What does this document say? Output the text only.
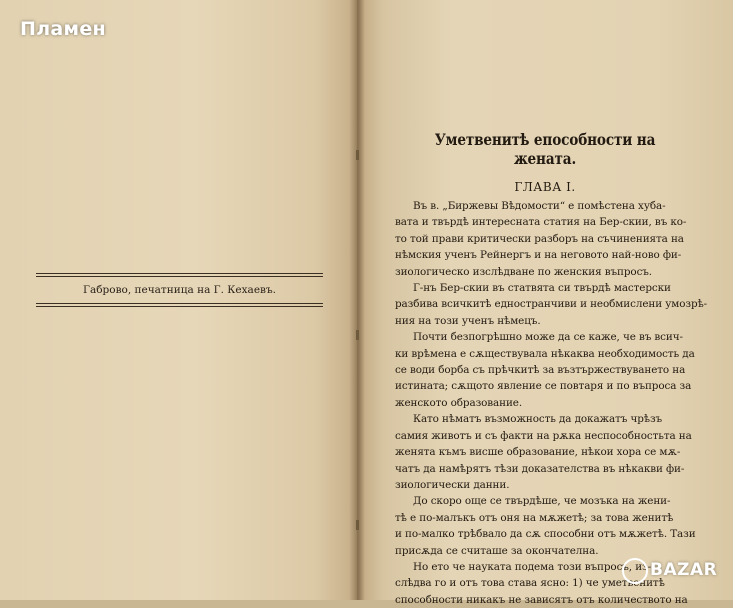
Габрово, печатница на Г. Кехаевъ.
Пламен
Уметвенитѣ епособности на жената.
ГЛАВА І.
Въ в. „Биржевы Вѣдомости“ е помѣстена хуба-
вата и твърдѣ интересната статия на Бер-скии, въ ко-
то той прави критически разборъ на съчиненията на
нѣмския ученъ Рейнергъ и на неговото най-ново фи-
зиологическо изслѣдване по женския въпросъ.
Г-нъ Бер-скии въ статвята си твърдѣ мастерски
разбива всичкитѣ едностранчиви и необмислени умозрѣ-
ния на този ученъ нѣмецъ.
Почти безпогрѣшно може да се каже, че въ всич-
ки врѣмена е сѫществувала нѣкаква необходимость да
се води борба съ прѣчкитѣ за възтържествуването на
истината; сѫщото явление се повтаря и по въпроса за
женското образование.
Като нѣматъ възможность да докажатъ чрѣзъ
самия животъ и съ факти на рѫка неспособностьта на
женята къмъ висше образование, нѣкои хора се мѫ-
чатъ да намѣрятъ тѣзи доказателства въ нѣкакви фи-
зиологически данни.
До скоро още се твърдѣше, че мозъка на жени-
тѣ е по-малъкъ отъ оня на мѫжетѣ; за това женитѣ
и по-малко трѣбвало да сѫ способни отъ мѫжетѣ. Тази
присѫда се считаше за окончателна.
Но ето че науката подема този въпросъ, из-
слѣдва го и отъ това става ясно: 1) че уметвенитѣ
способности никакъ не зависятъ отъ количеството на
BAZAR
